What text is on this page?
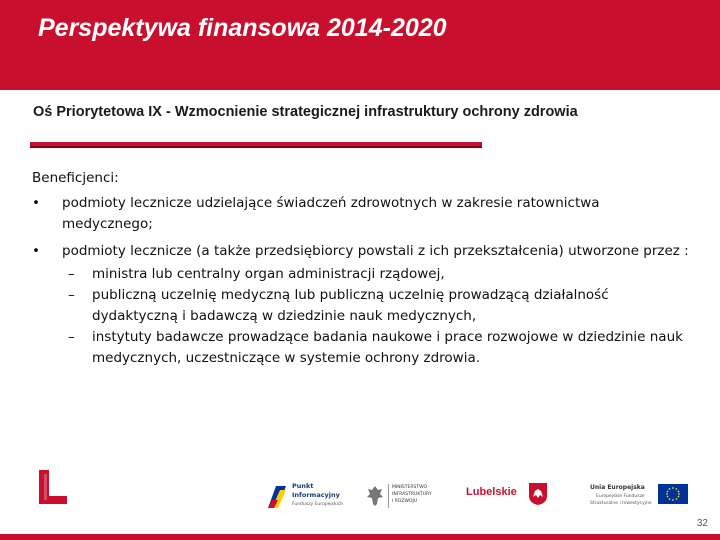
Perspektywa finansowa 2014-2020
Oś Priorytetowa IX - Wzmocnienie strategicznej infrastruktury ochrony zdrowia
Beneficjenci:
• podmioty lecznicze udzielające świadczeń zdrowotnych w zakresie ratownictwa medycznego;
• podmioty lecznicze (a także przedsiębiorcy powstali z ich przekształcenia) utworzone przez :
– ministra lub centralny organ administracji rządowej,
– publiczną uczelnię medyczną lub publiczną uczelnię prowadzącą działalność dydaktyczną i badawczą w dziedzinie nauk medycznych,
– instytuty badawcze prowadzące badania naukowe i prace rozwojowe w dziedzinie nauk medycznych, uczestniczące w systemie ochrony zdrowia.
Punkt
Informacyjny
Funduszy Europejskich
MINISTERSTWO
INFRASTRUKTURY
I ROZWOJU
Lubelskie	Unia Europejska
Europejskie Fundusze
Strukturalne i Inwestycyjne
32
